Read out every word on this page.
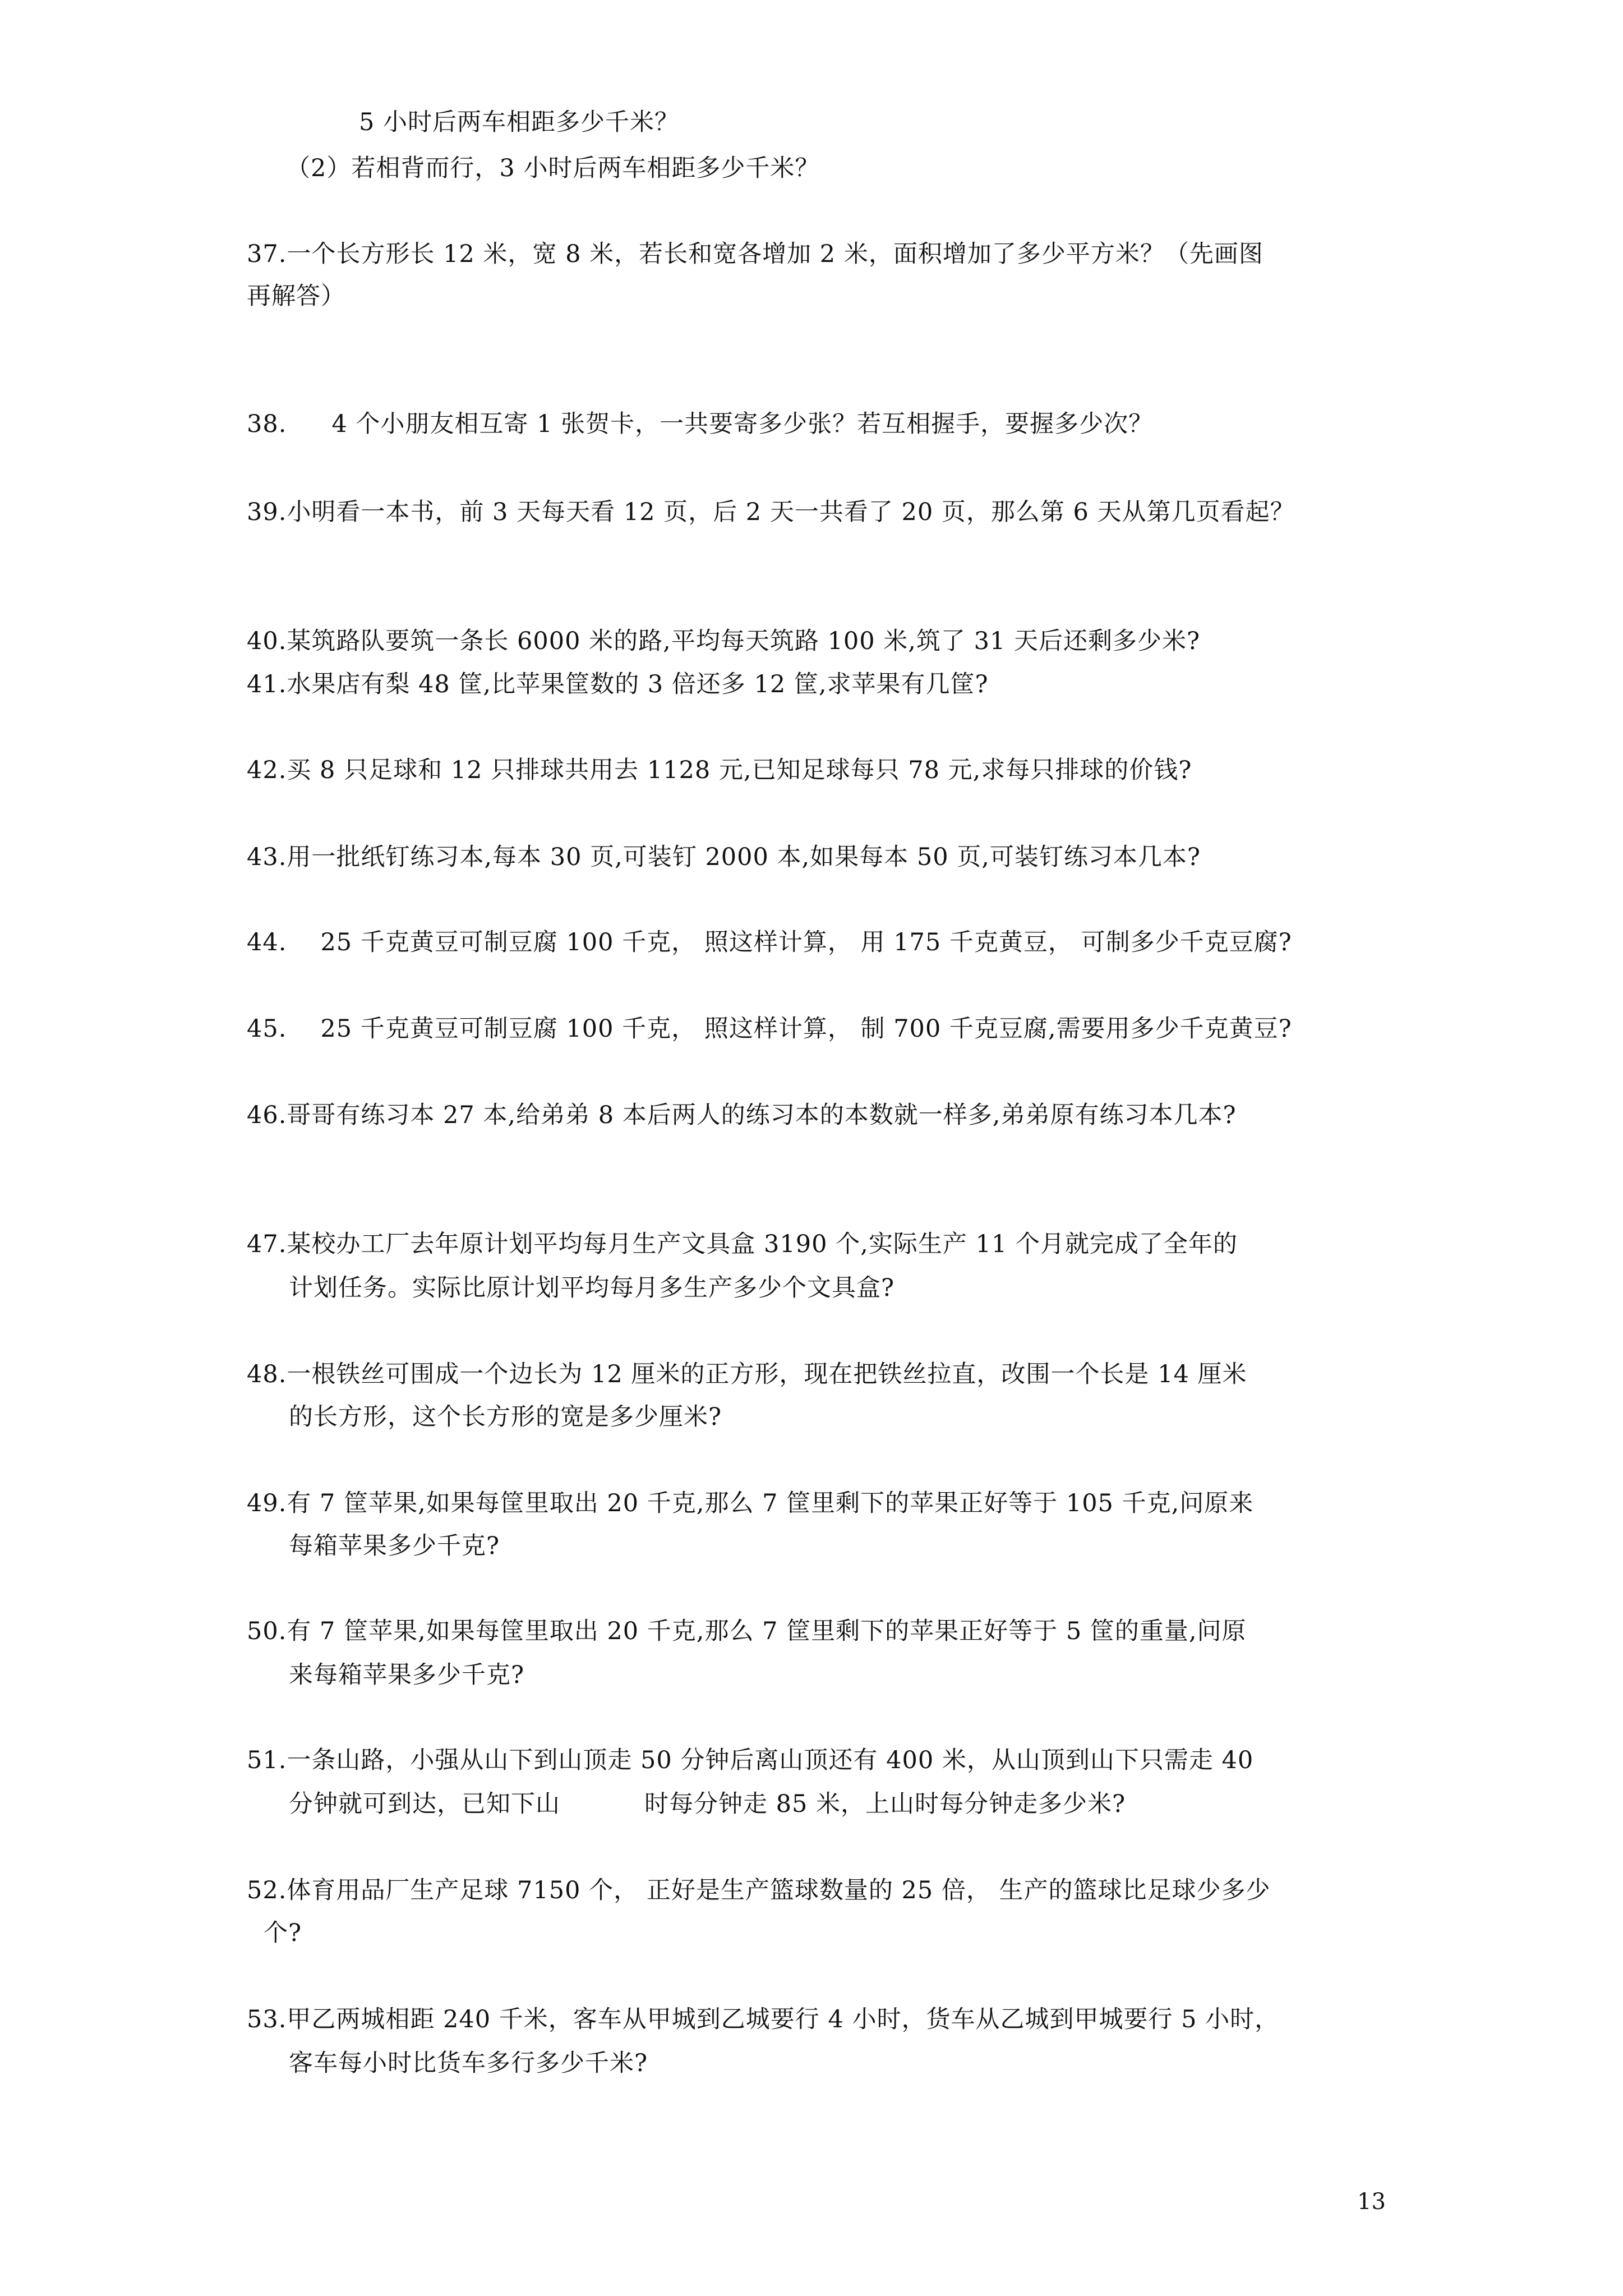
5 小时后两车相距多少千米？
（2）若相背而行，3 小时后两车相距多少千米？
37.一个长方形长 12 米，宽 8 米，若长和宽各增加 2 米，面积增加了多少平方米？（先画图
再解答）
38. 4 个小朋友相互寄 1 张贺卡，一共要寄多少张？若互相握手，要握多少次？
39.小明看一本书，前 3 天每天看 12 页，后 2 天一共看了 20 页，那么第 6 天从第几页看起？
40.某筑路队要筑一条长 6000 米的路,平均每天筑路 100 米,筑了 31 天后还剩多少米?
41.水果店有梨 48 筐,比苹果筐数的 3 倍还多 12 筐,求苹果有几筐?
42.买 8 只足球和 12 只排球共用去 1128 元,已知足球每只 78 元,求每只排球的价钱?
43.用一批纸钉练习本,每本 30 页,可装钉 2000 本,如果每本 50 页,可装钉练习本几本?
44. 25 千克黄豆可制豆腐 100 千克， 照这样计算， 用 175 千克黄豆， 可制多少千克豆腐?
45. 25 千克黄豆可制豆腐 100 千克， 照这样计算， 制 700 千克豆腐,需要用多少千克黄豆?
46.哥哥有练习本 27 本,给弟弟 8 本后两人的练习本的本数就一样多,弟弟原有练习本几本?
47.某校办工厂去年原计划平均每月生产文具盒 3190 个,实际生产 11 个月就完成了全年的
计划任务。实际比原计划平均每月多生产多少个文具盒?
48.一根铁丝可围成一个边长为 12 厘米的正方形，现在把铁丝拉直，改围一个长是 14 厘米
的长方形，这个长方形的宽是多少厘米?
49.有 7 筐苹果,如果每筐里取出 20 千克,那么 7 筐里剩下的苹果正好等于 105 千克,问原来
每箱苹果多少千克?
50.有 7 筐苹果,如果每筐里取出 20 千克,那么 7 筐里剩下的苹果正好等于 5 筐的重量,问原
来每箱苹果多少千克?
51.一条山路，小强从山下到山顶走 50 分钟后离山顶还有 400 米，从山顶到山下只需走 40
分钟就可到达，已知下山	时每分钟走 85 米，上山时每分钟走多少米?
52.体育用品厂生产足球 7150 个， 正好是生产篮球数量的 25 倍， 生产的篮球比足球少多少
个?
53.甲乙两城相距 240 千米，客车从甲城到乙城要行 4 小时，货车从乙城到甲城要行 5 小时，
客车每小时比货车多行多少千米?
13
